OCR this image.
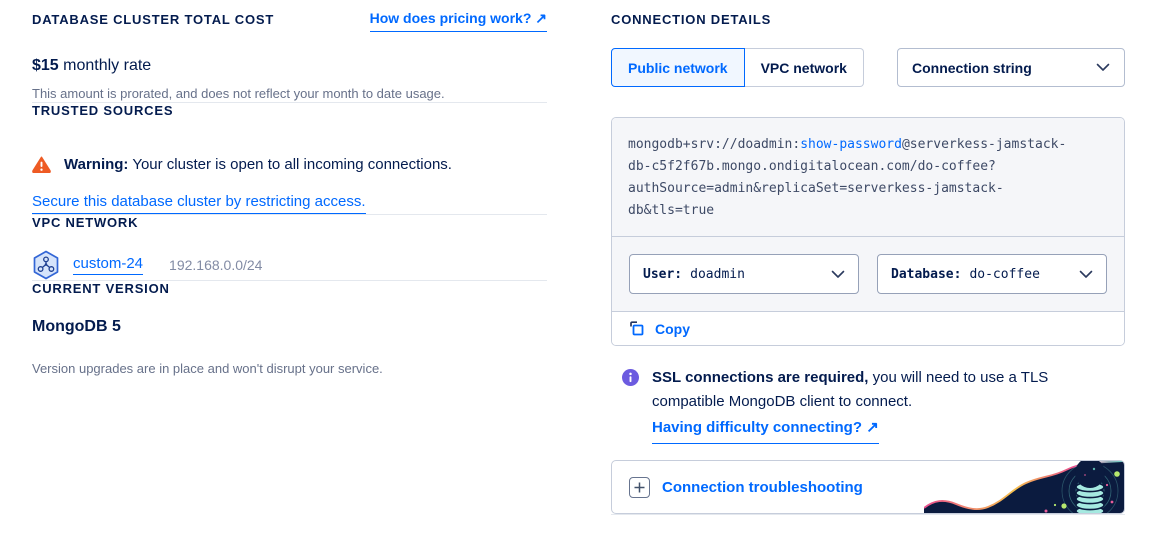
DATABASE CLUSTER TOTAL COST	How does pricing work? ↗

$15 monthly rate

This amount is prorated, and does not reflect your month to date usage.

TRUSTED SOURCES
Warning: Your cluster is open to all incoming connections.
Secure this database cluster by restricting access.
VPC NETWORK
custom-24 192.168.0.0/24
CURRENT VERSION

MongoDB 5

Version upgrades are in place and won't disrupt your service.

CONNECTION DETAILS
Public network	VPC network	Connection string
mongodb+srv://doadmin:show-password@serverkess-jamstack-db-c5f2f67b.mongo.ondigitalocean.com/do-coffee?authSource=admin&replicaSet=serverkess-jamstack-db&tls=true
User: doadmin	Database: do-coffee
Copy
SSL connections are required, you will need to use a TLS compatible MongoDB client to connect.
Having difficulty connecting? ↗
Connection troubleshooting
